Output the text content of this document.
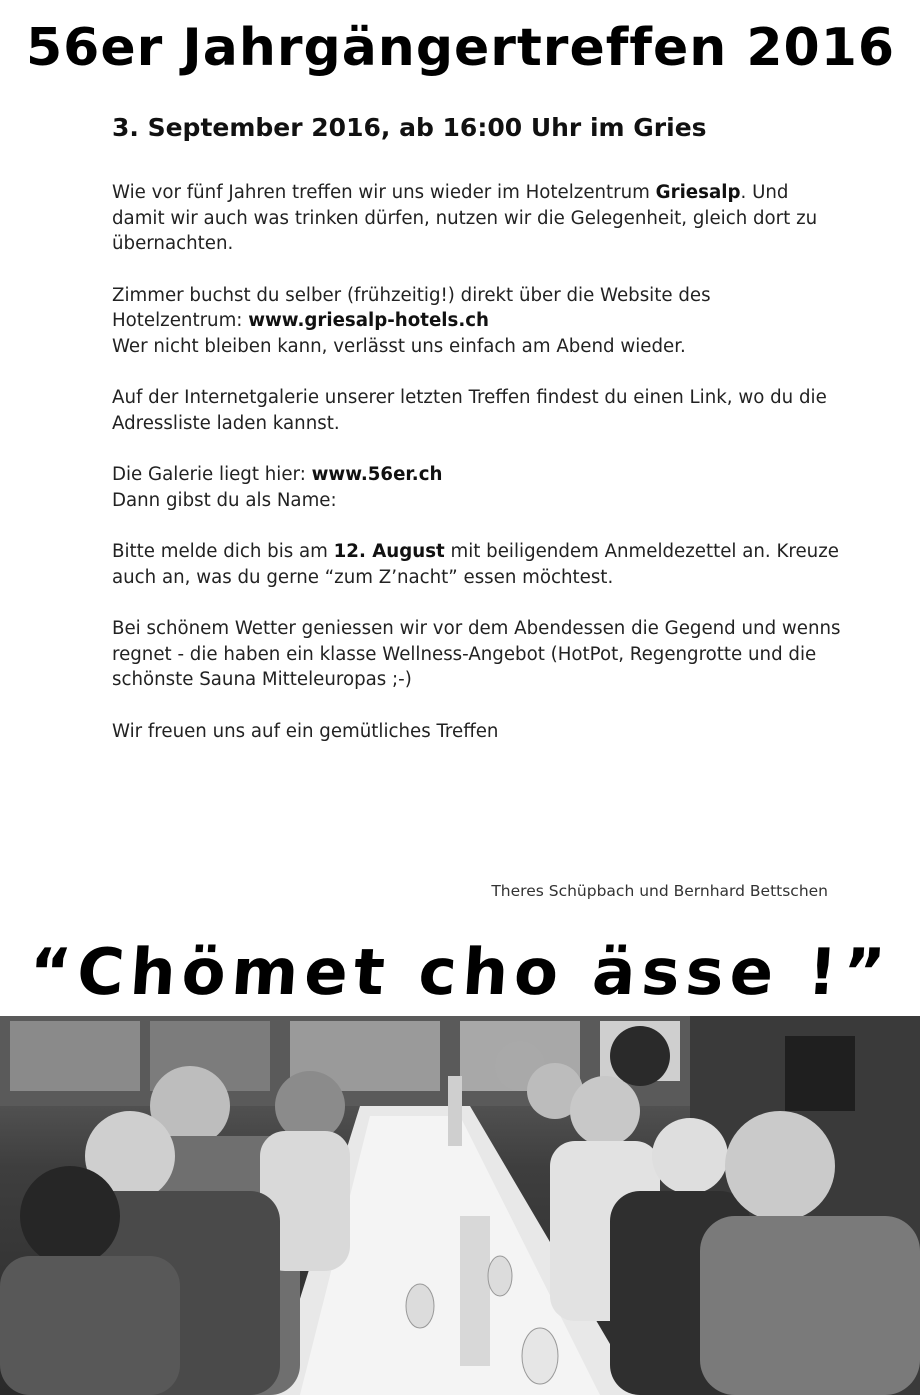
56er Jahrgängertreffen 2016
3. September 2016, ab 16:00 Uhr im Gries

Wie vor fünf Jahren treffen wir uns wieder im Hotelzentrum Griesalp. Und damit wir auch was trinken dürfen, nutzen wir die Gelegenheit, gleich dort zu übernachten.

Zimmer buchst du selber (frühzeitig!) direkt über die Website des Hotelzentrum: www.griesalp-hotels.ch
Wer nicht bleiben kann, verlässt uns einfach am Abend wieder.

Auf der Internetgalerie unserer letzten Treffen findest du einen Link, wo du die Adressliste laden kannst.

Die Galerie liegt hier: www.56er.ch
Dann gibst du als Name:

Bitte melde dich bis am 12. August mit beiligendem Anmeldezettel an. Kreuze auch an, was du gerne “zum Z’nacht” essen möchtest.

Bei schönem Wetter geniessen wir vor dem Abendessen die Gegend und wenns regnet - die haben ein klasse Wellness-Angebot (HotPot, Regengrotte und die schönste Sauna Mitteleuropas ;-)

Wir freuen uns auf ein gemütliches Treffen

Theres Schüpbach und Bernhard Bettschen
“Chömet cho ässe !”
